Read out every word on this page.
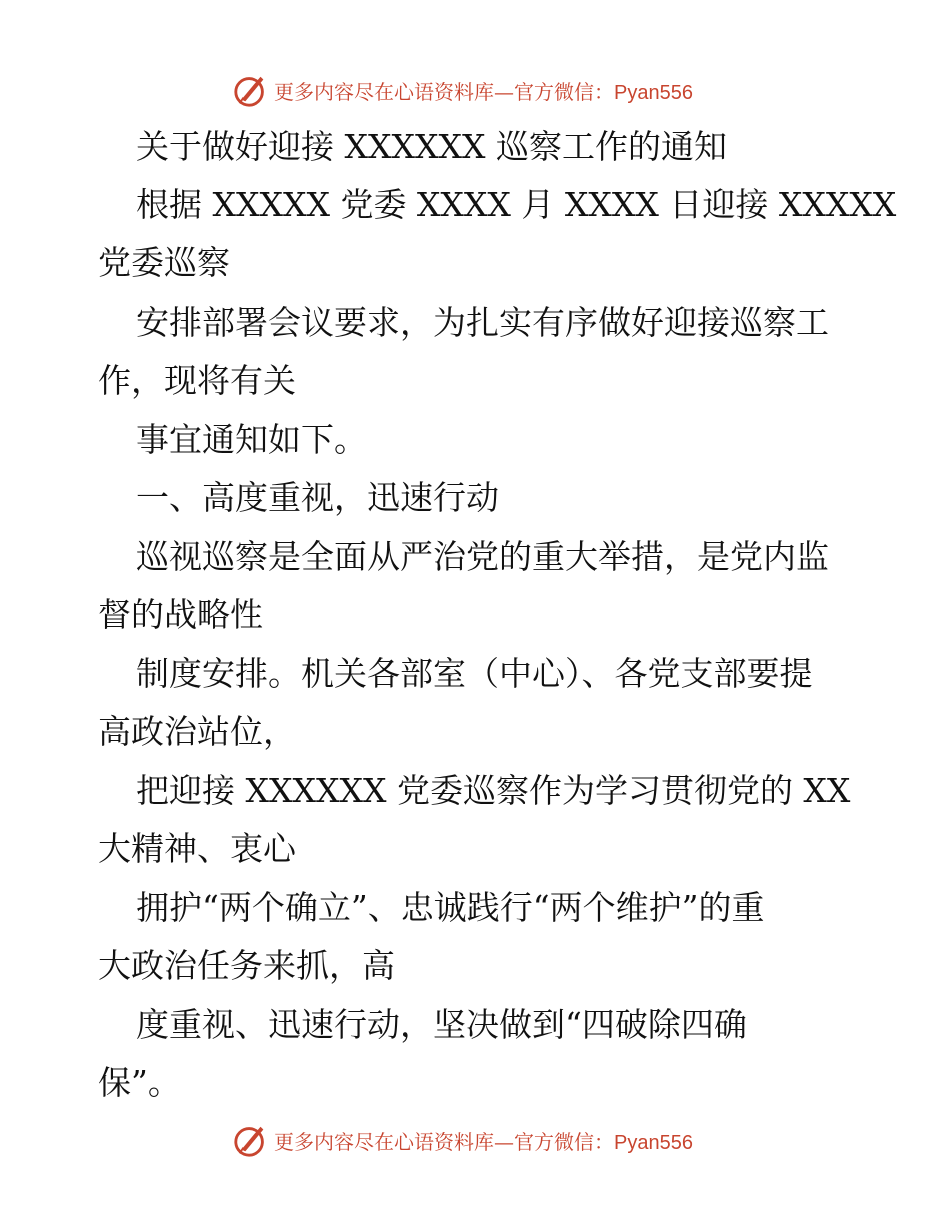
更多内容尽在心语资料库—官方微信：Pyan556
关于做好迎接 XXXXXX 巡察工作的通知
根据 XXXXX 党委 XXXX 月 XXXX 日迎接 XXXXX
党委巡察
安排部署会议要求，为扎实有序做好迎接巡察工
作，现将有关
事宜通知如下。
一、高度重视，迅速行动
巡视巡察是全面从严治党的重大举措，是党内监
督的战略性
制度安排。机关各部室（中心）、各党支部要提
高政治站位，
把迎接 XXXXXX 党委巡察作为学习贯彻党的 XX
大精神、衷心
拥护“两个确立”、忠诚践行“两个维护”的重
大政治任务来抓，高
度重视、迅速行动，坚决做到“四破除四确
保”。
更多内容尽在心语资料库—官方微信：Pyan556
